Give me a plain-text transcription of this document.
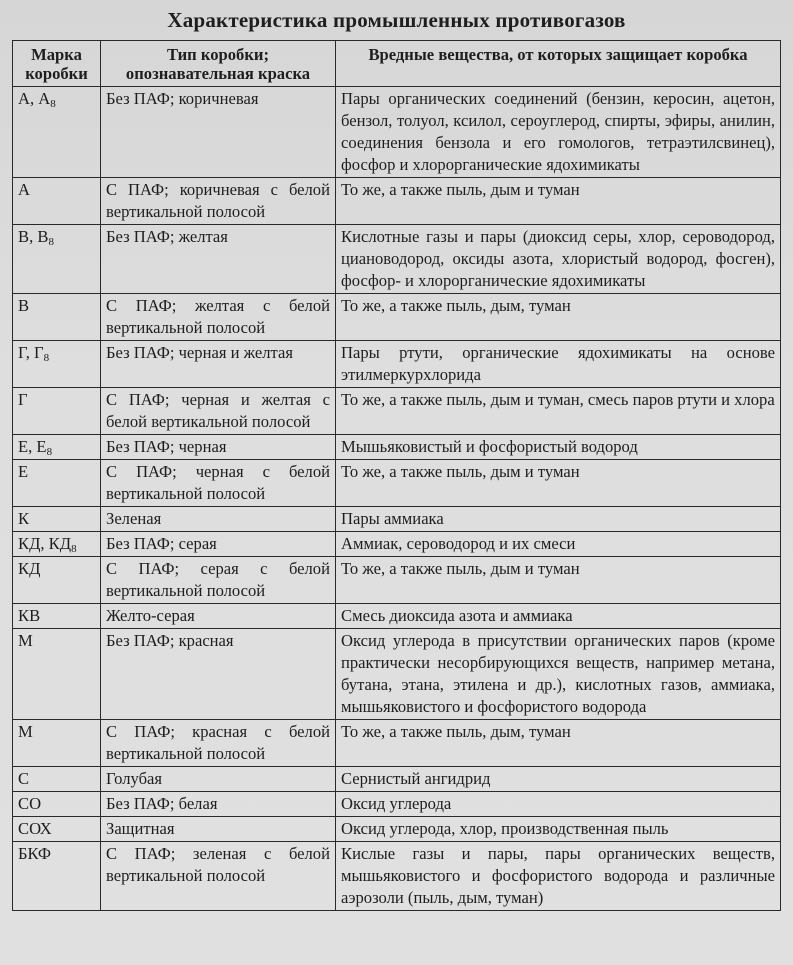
Характеристика промышленных противогазов
Марка коробки	Тип коробки; опознавательная краска	Вредные вещества, от которых защищает коробка
А, $А_8$	Без ПАФ; коричневая	Пары органических соединений (бензин, керосин, ацетон, бензол, толуол, ксилол, сероуглерод, спирты, эфиры, анилин, соединения бензола и его гомологов, тетраэтилсвинец), фосфор и хлорорганические ядохимикаты
А	С ПАФ; коричневая с белой вертикальной полосой	То же, а также пыль, дым и туман
В, $В_8$	Без ПАФ; желтая	Кислотные газы и пары (диоксид серы, хлор, сероводород, циановодород, оксиды азота, хлористый водород, фосген), фосфор- и хлорорганические ядохимикаты
В	С ПАФ; желтая с белой вертикальной полосой	То же, а также пыль, дым, туман
Г, $Г_8$	Без ПАФ; черная и желтая	Пары ртути, органические ядохимикаты на основе этилмеркурхлорида
Г	С ПАФ; черная и желтая с белой вертикальной полосой	То же, а также пыль, дым и туман, смесь паров ртути и хлора
Е, $Е_8$	Без ПАФ; черная	Мышьяковистый и фосфористый водород
Е	С ПАФ; черная с белой вертикальной полосой	То же, а также пыль, дым и туман
К	Зеленая	Пары аммиака
КД, $КД_8$	Без ПАФ; серая	Аммиак, сероводород и их смеси
КД	С ПАФ; серая с белой вертикальной полосой	То же, а также пыль, дым и туман
КВ	Желто-серая	Смесь диоксида азота и аммиака
М	Без ПАФ; красная	Оксид углерода в присутствии органических паров (кроме практически несорбирующихся веществ, например метана, бутана, этана, этилена и др.), кислотных газов, аммиака, мышьяковистого и фосфористого водорода
М	С ПАФ; красная с белой вертикальной полосой	То же, а также пыль, дым, туман
С	Голубая	Сернистый ангидрид
СО	Без ПАФ; белая	Оксид углерода
СОХ	Защитная	Оксид углерода, хлор, производственная пыль
БКФ	С ПАФ; зеленая с белой вертикальной полосой	Кислые газы и пары, пары органических веществ, мышьяковистого и фосфористого водорода и различные аэрозоли (пыль, дым, туман)
